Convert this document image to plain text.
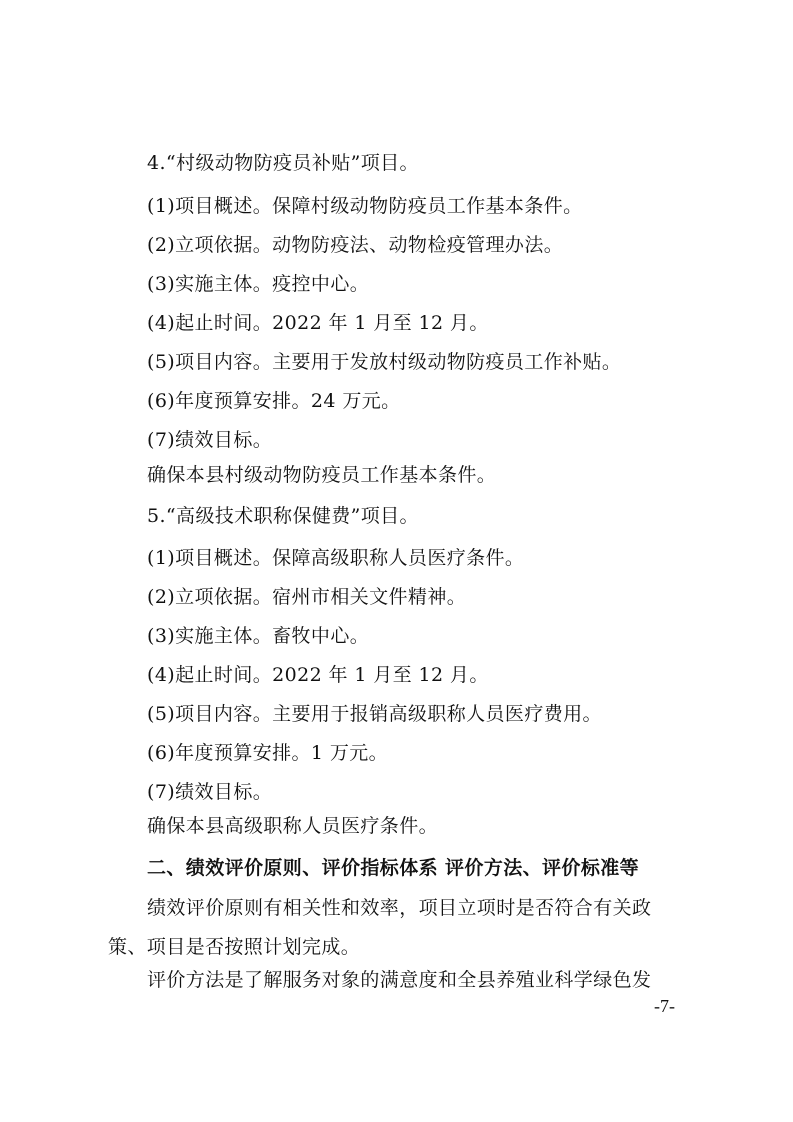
4.“村级动物防疫员补贴”项目。
(1)项目概述。保障村级动物防疫员工作基本条件。
(2)立项依据。动物防疫法、动物检疫管理办法。
(3)实施主体。疫控中心。
(4)起止时间。2022 年 1 月至 12 月。
(5)项目内容。主要用于发放村级动物防疫员工作补贴。
(6)年度预算安排。24 万元。
(7)绩效目标。
确保本县村级动物防疫员工作基本条件。
5.“高级技术职称保健费”项目。
(1)项目概述。保障高级职称人员医疗条件。
(2)立项依据。宿州市相关文件精神。
(3)实施主体。畜牧中心。
(4)起止时间。2022 年 1 月至 12 月。
(5)项目内容。主要用于报销高级职称人员医疗费用。
(6)年度预算安排。1 万元。
(7)绩效目标。
确保本县高级职称人员医疗条件。
二、绩效评价原则、评价指标体系 评价方法、评价标准等
绩效评价原则有相关性和效率，项目立项时是否符合有关政
策、项目是否按照计划完成。
评价方法是了解服务对象的满意度和全县养殖业科学绿色发
-7-
